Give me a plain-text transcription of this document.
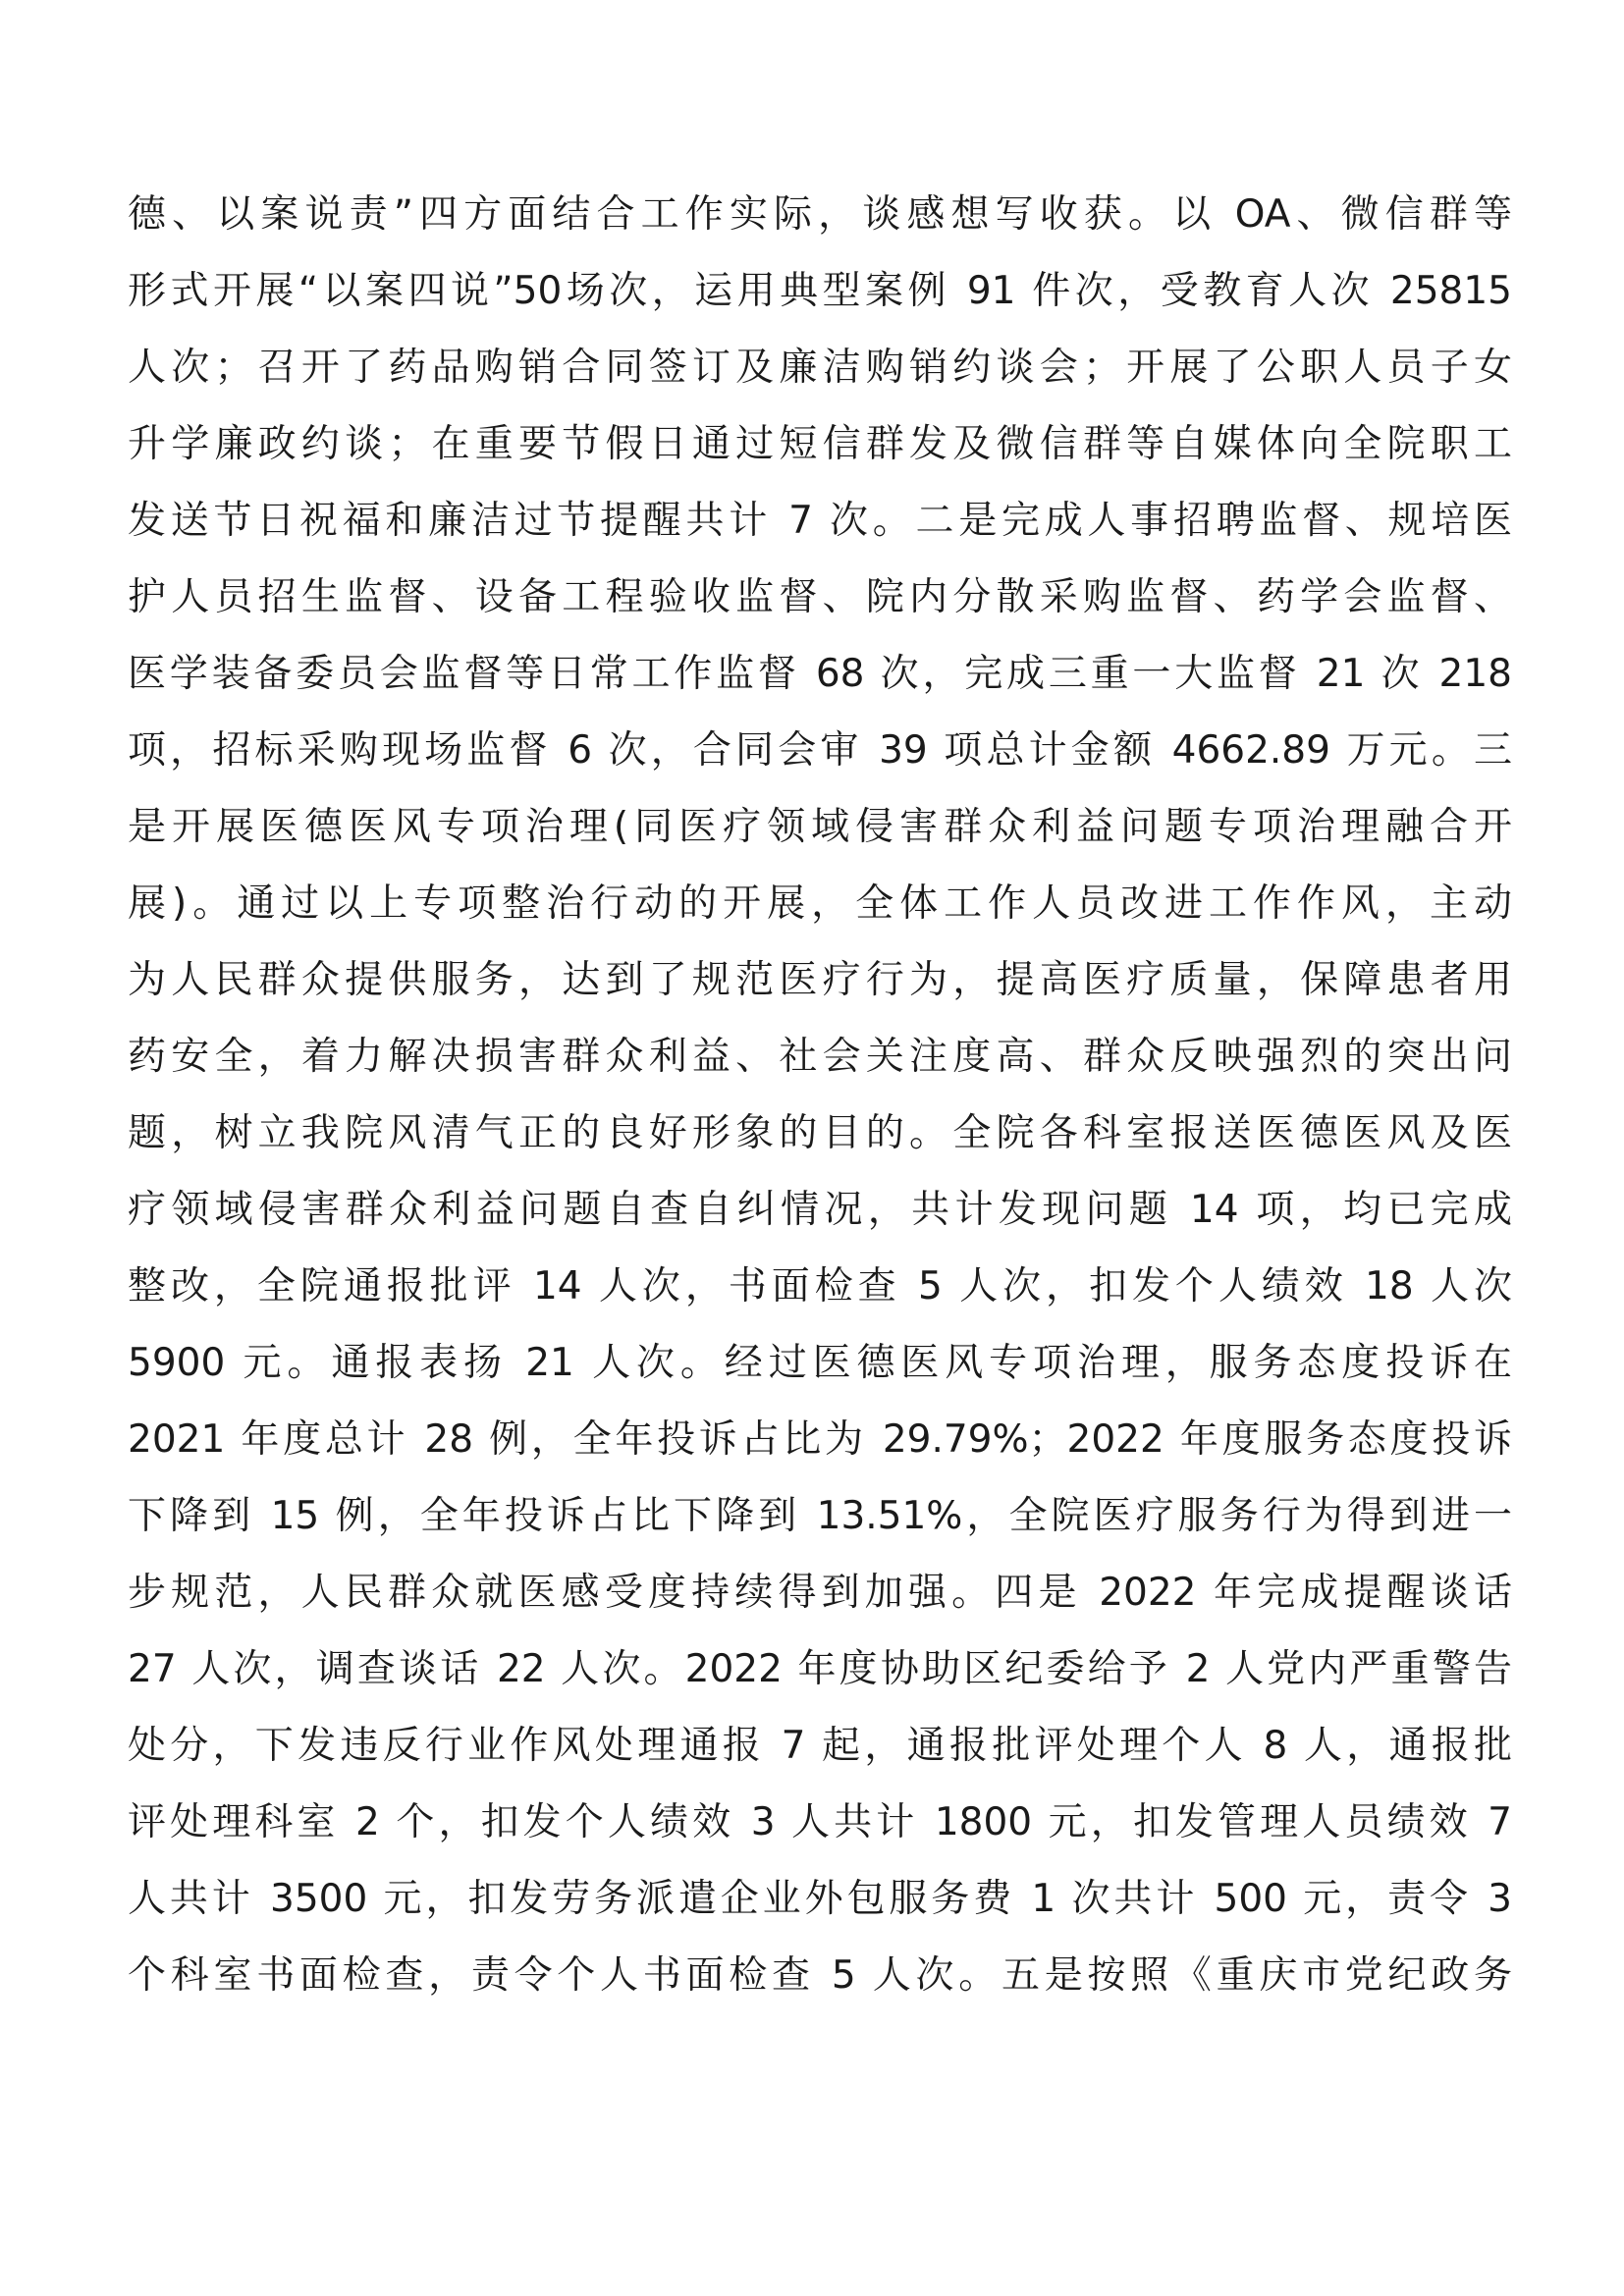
德、以案说责”四方面结合工作实际，谈感想写收获。以 OA、微信群等
形式开展“以案四说”50场次，运用典型案例 91 件次，受教育人次 25815
人次；召开了药品购销合同签订及廉洁购销约谈会；开展了公职人员子女
升学廉政约谈；在重要节假日通过短信群发及微信群等自媒体向全院职工
发送节日祝福和廉洁过节提醒共计 7 次。二是完成人事招聘监督、规培医
护人员招生监督、设备工程验收监督、院内分散采购监督、药学会监督、
医学装备委员会监督等日常工作监督 68 次，完成三重一大监督 21 次 218
项，招标采购现场监督 6 次，合同会审 39 项总计金额 4662.89 万元。三
是开展医德医风专项治理(同医疗领域侵害群众利益问题专项治理融合开
展)。通过以上专项整治行动的开展，全体工作人员改进工作作风，主动
为人民群众提供服务，达到了规范医疗行为，提高医疗质量，保障患者用
药安全，着力解决损害群众利益、社会关注度高、群众反映强烈的突出问
题，树立我院风清气正的良好形象的目的。全院各科室报送医德医风及医
疗领域侵害群众利益问题自查自纠情况，共计发现问题 14 项，均已完成
整改，全院通报批评 14 人次，书面检查 5 人次，扣发个人绩效 18 人次
5900 元。通报表扬 21 人次。经过医德医风专项治理，服务态度投诉在
2021 年度总计 28 例，全年投诉占比为 29.79%；2022 年度服务态度投诉
下降到 15 例，全年投诉占比下降到 13.51%，全院医疗服务行为得到进一
步规范，人民群众就医感受度持续得到加强。四是 2022 年完成提醒谈话
27 人次，调查谈话 22 人次。2022 年度协助区纪委给予 2 人党内严重警告
处分，下发违反行业作风处理通报 7 起，通报批评处理个人 8 人，通报批
评处理科室 2 个，扣发个人绩效 3 人共计 1800 元，扣发管理人员绩效 7
人共计 3500 元，扣发劳务派遣企业外包服务费 1 次共计 500 元，责令 3
个科室书面检查，责令个人书面检查 5 人次。五是按照《重庆市党纪政务
